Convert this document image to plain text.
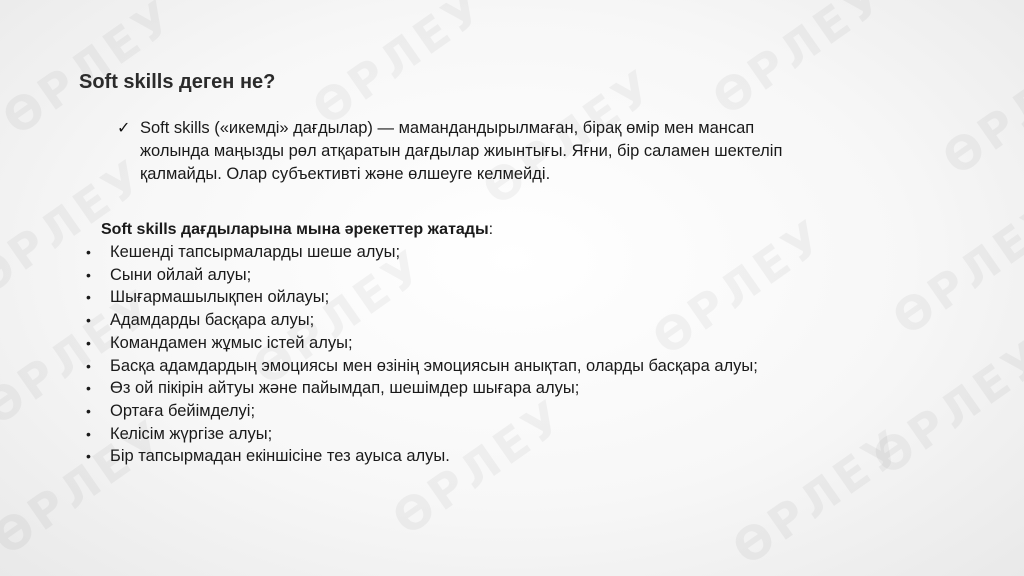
Soft skills деген не?
✓ Soft skills («икемді» дағдылар) — мамандандырылмаған, бірақ өмір мен мансап жолында маңызды рөл атқаратын дағдылар жиынтығы. Яғни, бір саламен шектеліп қалмайды. Олар субъективті және өлшеуге келмейді.
Soft skills дағдыларына мына әрекеттер жатады:
•	Кешенді тапсырмаларды шеше алуы;
•	Сыни ойлай алуы;
•	Шығармашылықпен ойлауы;
•	Адамдарды басқара алуы;
•	Командамен жұмыс істей алуы;
•	Басқа адамдардың эмоциясы мен өзінің эмоциясын анықтап, оларды басқара алуы;
•	Өз ой пікірін айтуы және пайымдап, шешімдер шығара алуы;
•	Ортаға бейімделуі;
•	Келісім жүргізе алуы;
•	Бір тапсырмадан екіншісіне тез ауыса алуы.
